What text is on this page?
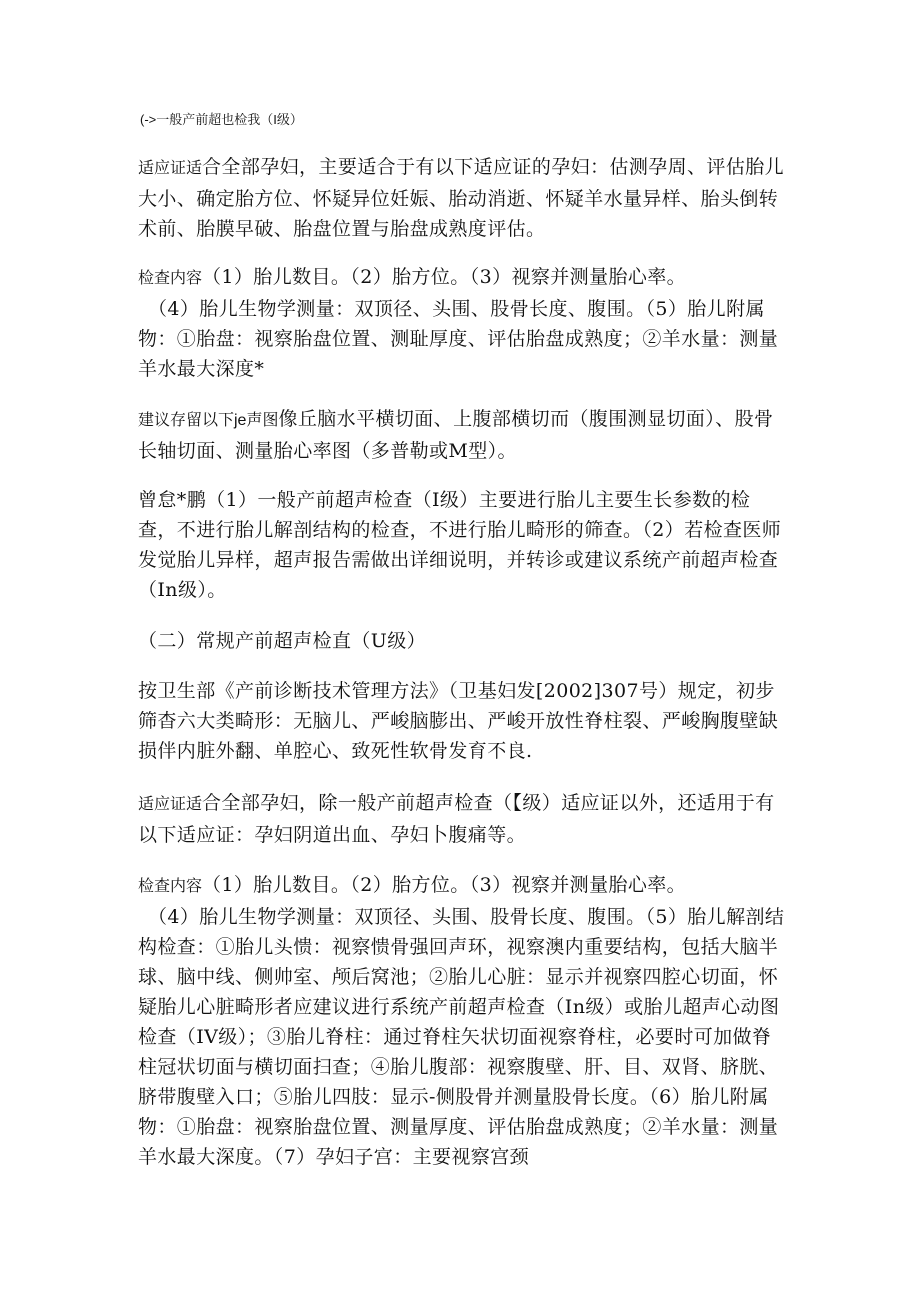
(->一般产前超也检我（I级）

适应证适合全部孕妇，主要适合于有以下适应证的孕妇：估测孕周、评估胎儿大小、确定胎方位、怀疑异位妊娠、胎动消逝、怀疑羊水量异样、胎头倒转术前、胎膜早破、胎盘位置与胎盘成熟度评估。

检查内容（1）胎儿数目。（2）胎方位。（3）视察并测量胎心率。
（4）胎儿生物学测量：双顶径、头围、股骨长度、腹围。（5）胎儿附属物：①胎盘：视察胎盘位置、测耻厚度、评估胎盘成熟度；②羊水量：测量羊水最大深度*

建议存留以下je声图像丘脑水平横切面、上腹部横切而（腹围测显切面）、股骨长轴切面、测量胎心率图（多普勒或M型）。

曾怠*鹏（1）一般产前超声检查（I级）主要进行胎儿主要生长参数的检查，不进行胎儿解剖结构的检查，不进行胎儿畸形的筛查。（2）若检查医师发觉胎儿异样，超声报告需做出详细说明，并转诊或建议系统产前超声检查（In级）。

（二）常规产前超声检直（U级）

按卫生部《产前诊断技术管理方法》（卫基妇发[2002]307号）规定，初步筛杳六大类畸形：无脑儿、严峻脑膨出、严峻开放性脊柱裂、严峻胸腹壁缺损伴内脏外翻、单腔心、致死性软骨发育不良.

适应证适合全部孕妇，除一般产前超声检查（【级）适应证以外，还适用于有以下适应证：孕妇阴道出血、孕妇卜腹痛等。

检查内容（1）胎儿数目。（2）胎方位。（3）视察并测量胎心率。
（4）胎儿生物学测量：双顶径、头围、股骨长度、腹围。（5）胎儿解剖结构检查：①胎儿头愦：视察愦骨强回声环，视察澳内重要结构，包括大脑半球、脑中线、侧帅室、颅后窝池；②胎儿心脏：显示并视察四腔心切面，怀疑胎儿心脏畸形者应建议进行系统产前超声检查（In级）或胎儿超声心动图检查（IV级）；③胎儿脊柱：通过脊柱矢状切面视察脊柱，必要时可加做脊柱冠状切面与横切面扫查；④胎儿腹部：视察腹壁、肝、目、双肾、脐胱、脐带腹壁入口；⑤胎儿四肢：显示-侧股骨并测量股骨长度。（6）胎儿附属物：①胎盘：视察胎盘位置、测量厚度、评估胎盘成熟度；②羊水量：测量羊水最大深度。（7）孕妇子宫：主要视察宫颈
